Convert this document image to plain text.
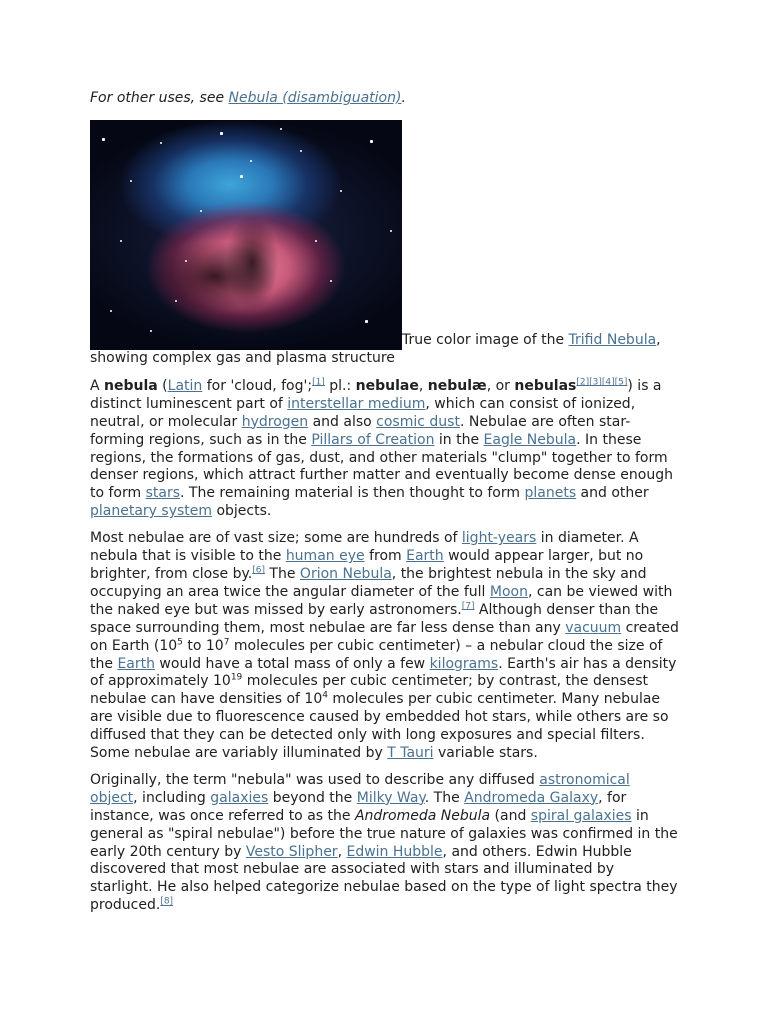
For other uses, see Nebula (disambiguation).
True color image of the Trifid Nebula, showing complex gas and plasma structure

A nebula (Latin for 'cloud, fog';[1] pl.: nebulae, nebulæ, or nebulas[2][3][4][5]) is a distinct luminescent part of interstellar medium, which can consist of ionized, neutral, or molecular hydrogen and also cosmic dust. Nebulae are often star-forming regions, such as in the Pillars of Creation in the Eagle Nebula. In these regions, the formations of gas, dust, and other materials "clump" together to form denser regions, which attract further matter and eventually become dense enough to form stars. The remaining material is then thought to form planets and other planetary system objects.

Most nebulae are of vast size; some are hundreds of light-years in diameter. A nebula that is visible to the human eye from Earth would appear larger, but no brighter, from close by.[6] The Orion Nebula, the brightest nebula in the sky and occupying an area twice the angular diameter of the full Moon, can be viewed with the naked eye but was missed by early astronomers.[7] Although denser than the space surrounding them, most nebulae are far less dense than any vacuum created on Earth ($10^5$ to $10^7$ molecules per cubic centimeter) – a nebular cloud the size of the Earth would have a total mass of only a few kilograms. Earth's air has a density of approximately $10^{19}$ molecules per cubic centimeter; by contrast, the densest nebulae can have densities of $10^4$ molecules per cubic centimeter. Many nebulae are visible due to fluorescence caused by embedded hot stars, while others are so diffused that they can be detected only with long exposures and special filters. Some nebulae are variably illuminated by T Tauri variable stars.

Originally, the term "nebula" was used to describe any diffused astronomical object, including galaxies beyond the Milky Way. The Andromeda Galaxy, for instance, was once referred to as the Andromeda Nebula (and spiral galaxies in general as "spiral nebulae") before the true nature of galaxies was confirmed in the early 20th century by Vesto Slipher, Edwin Hubble, and others. Edwin Hubble discovered that most nebulae are associated with stars and illuminated by starlight. He also helped categorize nebulae based on the type of light spectra they produced.[8]
